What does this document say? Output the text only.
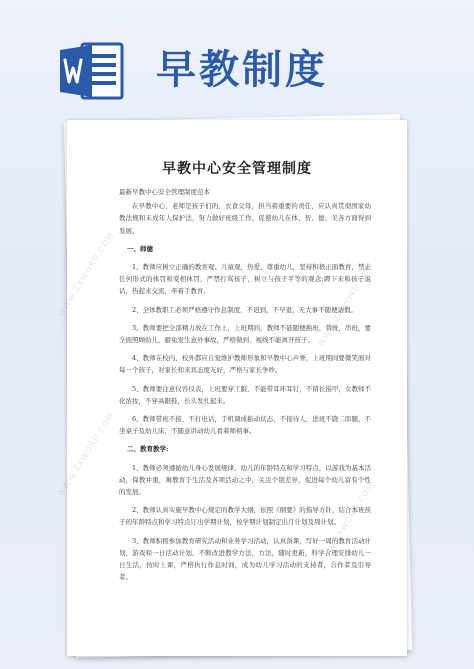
早教制度
WWW.ZXWORD.COM
WWW.ZXWORD.COM
WWW.ZXWORD.COM
WWW.ZXWORD.COM
早教中心安全管理制度

最新早教中心安全管理制度范本

在早教中心，老师是孩子们的，衣食父母，担当着重要的责任，应认真贯彻国家幼教法规和未成年人保护法，努力做好班级工作，促使幼儿在体、智、德、美各方面得到发展。

一、师德

1、教师应树立正确的教育观、儿童观，热爱、尊重幼儿，坚持积极正面教育，禁止任何形式的体罚和变相体罚，严禁打骂孩子，树立与孩子平等的观念;蹲下来和孩子说话，热起来交流，牵着手教育。

2、全体教职工必须严格遵守作息制度，不迟到，不早退，无大事不随便请假。

3、教师要把全部精力放在工作上，上班期间，教师不能随便换班，替班，串班，要全面照顾幼儿，避免发生意外事故，严格做到，视线不能离开孩子。

4、教师在校内，校外都应自觉维护教师形象和早教中心声誉，上班期间要微笑面对每一个孩子，对家长和来宾态度友好，严格与家长争吵。

5、教师要注意仪容仪表，上班要穿工服，不能带耳环耳钉，不留长指甲，女教师不化浓妆，不穿高跟鞋，长头发扎起来。

6、教师带班不接，不打电话，手机调成振动状态，不接待人，进班不跷二郎腿，不坐桌子及幼儿床，不随意讲动幼儿看着师榜事。

二、教育教学:

1、教师必须遵循幼儿身心发展规律，幼儿的年龄特点和学习特点，以游戏为基本活动，保教并重，寓教育于生活及各项活动之中，关注个别差异，促进每个幼儿富有个性的发展。

2、教师认真实施早教中心规定的教学大纲，依照《纲要》的指导方针，结合本班孩子的年龄特点和学习特点订出学期计划，按学期计划制定出月计划及周计划。

3、教师积极参加教育研究活动和业务学习活动，认真备课，写好一周的教育活动计划，游戏和一日活动计划，不断改进教学方法，方法，随时更新，科学合理安排幼儿一日生活，按时上课，严格执行作息时间，成为幼儿学习活动的支持者，合作者及引导者。
